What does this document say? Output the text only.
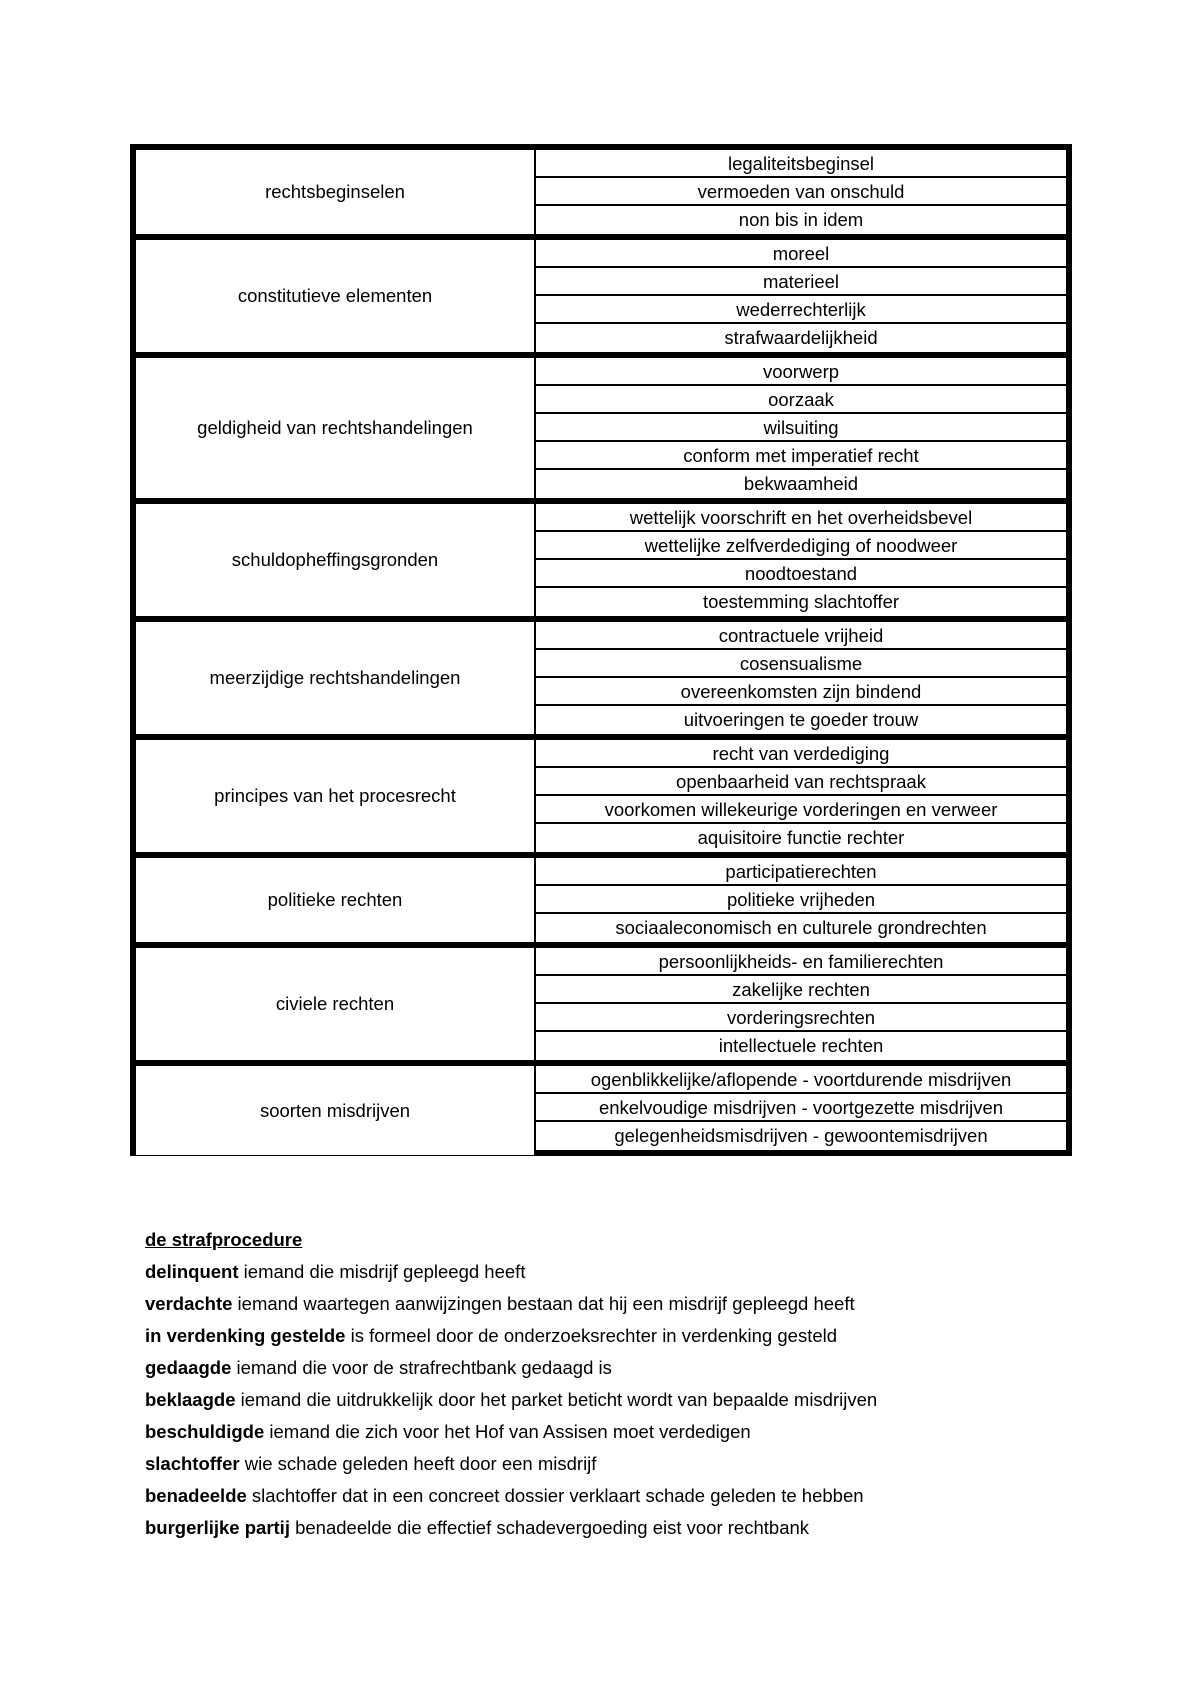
rechtsbeginselen
legaliteitsbeginsel
vermoeden van onschuld
non bis in idem
constitutieve elementen
moreel
materieel
wederrechterlijk
strafwaardelijkheid
geldigheid van rechtshandelingen
voorwerp
oorzaak
wilsuiting
conform met imperatief recht
bekwaamheid
schuldopheffingsgronden
wettelijk voorschrift en het overheidsbevel
wettelijke zelfverdediging of noodweer
noodtoestand
toestemming slachtoffer
meerzijdige rechtshandelingen
contractuele vrijheid
cosensualisme
overeenkomsten zijn bindend
uitvoeringen te goeder trouw
principes van het procesrecht
recht van verdediging
openbaarheid van rechtspraak
voorkomen willekeurige vorderingen en verweer
aquisitoire functie rechter
politieke rechten
participatierechten
politieke vrijheden
sociaaleconomisch en culturele grondrechten
civiele rechten
persoonlijkheids- en familierechten
zakelijke rechten
vorderingsrechten
intellectuele rechten
soorten misdrijven
ogenblikkelijke/aflopende - voortdurende misdrijven
enkelvoudige misdrijven - voortgezette misdrijven
gelegenheidsmisdrijven - gewoontemisdrijven
de strafprocedure
delinquent iemand die misdrijf gepleegd heeft
verdachte iemand waartegen aanwijzingen bestaan dat hij een misdrijf gepleegd heeft
in verdenking gestelde is formeel door de onderzoeksrechter in verdenking gesteld
gedaagde iemand die voor de strafrechtbank gedaagd is
beklaagde iemand die uitdrukkelijk door het parket beticht wordt van bepaalde misdrijven
beschuldigde iemand die zich voor het Hof van Assisen moet verdedigen
slachtoffer wie schade geleden heeft door een misdrijf
benadeelde slachtoffer dat in een concreet dossier verklaart schade geleden te hebben
burgerlijke partij benadeelde die effectief schadevergoeding eist voor rechtbank
